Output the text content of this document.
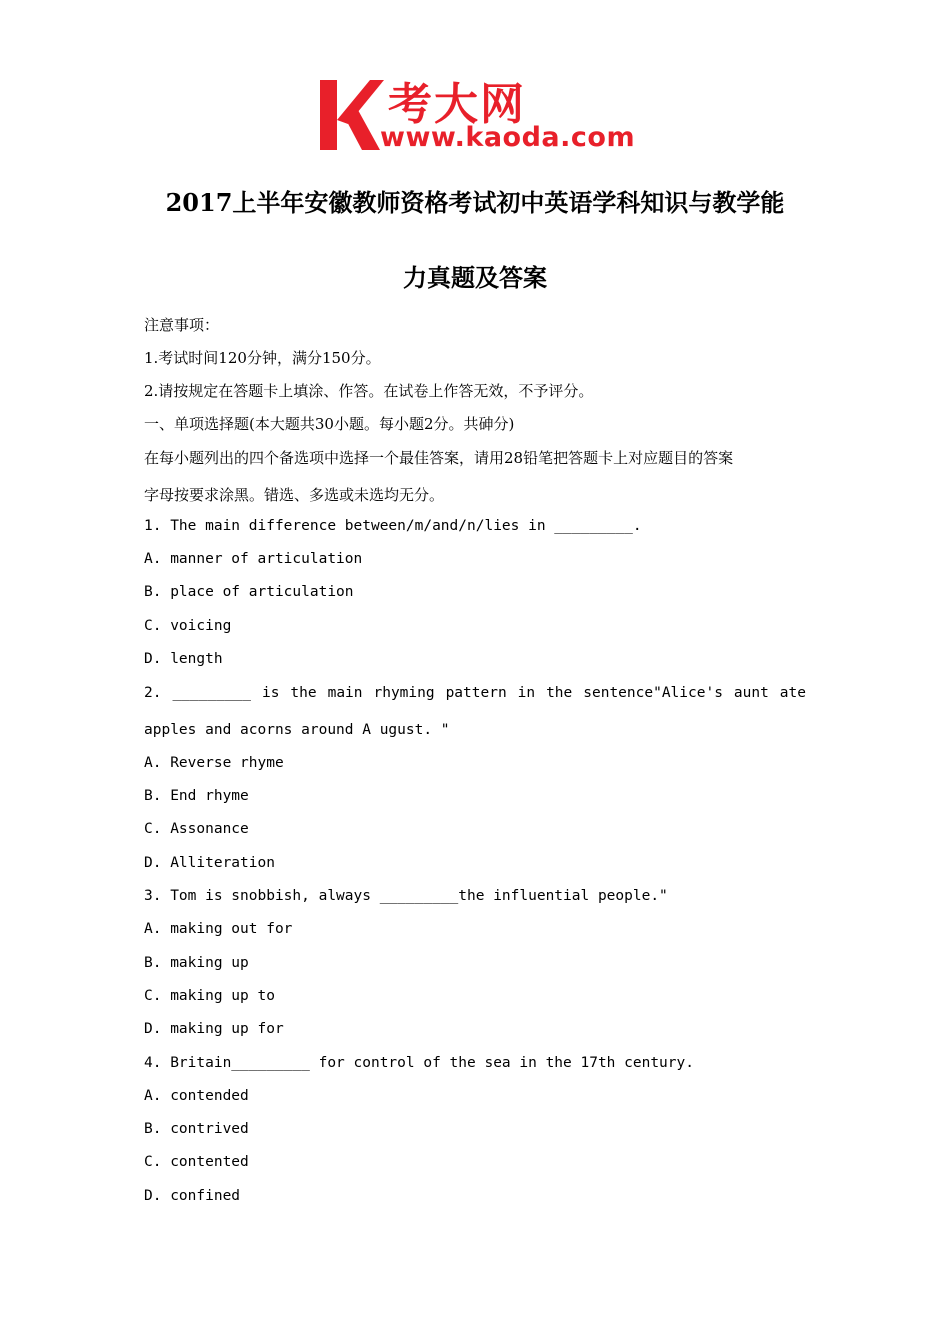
考大网
www.kaoda.com
2017上半年安徽教师资格考试初中英语学科知识与教学能
力真题及答案
注意事项：
1.考试时间120分钟，满分150分。
2.请按规定在答题卡上填涂、作答。在试卷上作答无效，不予评分。
一、单项选择题(本大题共30小题。每小题2分。共砷分)
在每小题列出的四个备选项中选择一个最佳答案，请用28铅笔把答题卡上对应题目的答案
字母按要求涂黑。错选、多选或未选均无分。
1. The main difference between/m/and/n/lies in _________.
A. manner of articulation
B. place of articulation
C. voicing
D. length
2. _________ is the main rhyming pattern in the sentence"Alice's aunt ate
apples and acorns around A ugust. "
A. Reverse rhyme
B. End rhyme
C. Assonance
D. Alliteration
3. Tom is snobbish, always _________the influential people."
A. making out for
B. making up
C. making up to
D. making up for
4. Britain_________ for control of the sea in the 17th century.
A. contended
B. contrived
C. contented
D. confined
